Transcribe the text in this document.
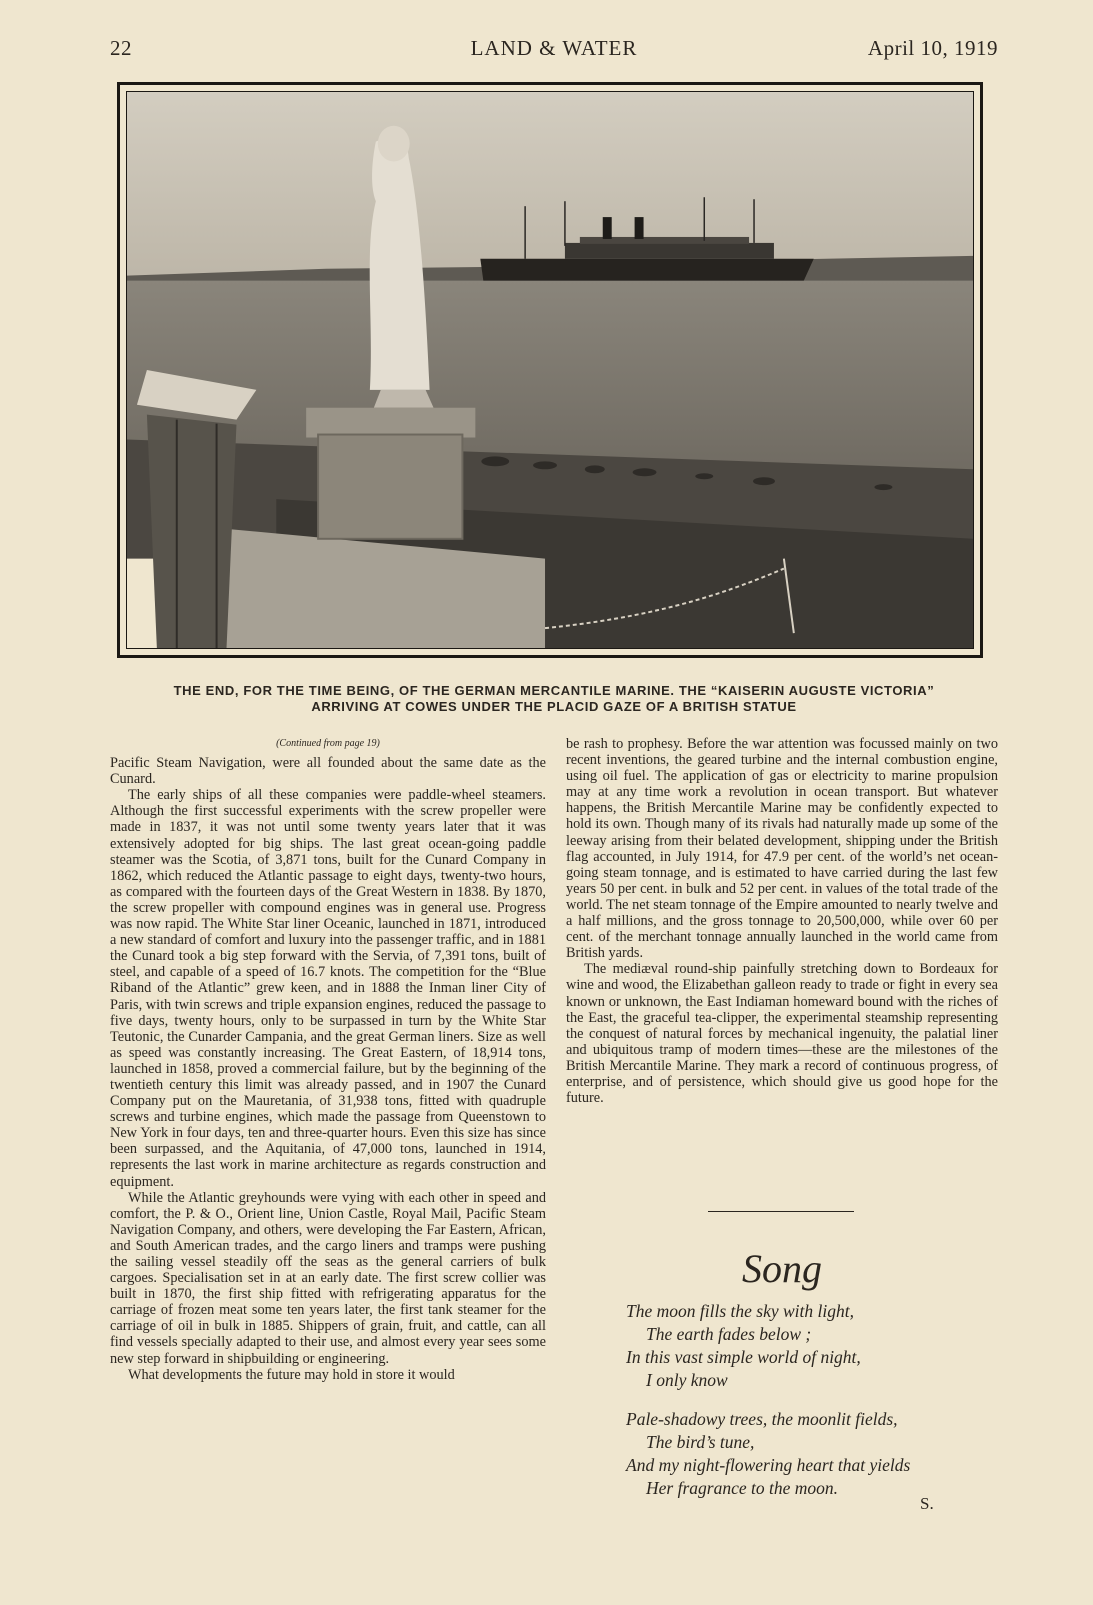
22	LAND & WATER	April 10, 1919
THE END, FOR THE TIME BEING, OF THE GERMAN MERCANTILE MARINE. THE “KAISERIN AUGUSTE VICTORIA”
ARRIVING AT COWES UNDER THE PLACID GAZE OF A BRITISH STATUE
(Continued from page 19)

Pacific Steam Navigation, were all founded about the same date as the Cunard.

The early ships of all these companies were paddle-wheel steamers. Although the first successful experiments with the screw propeller were made in 1837, it was not until some twenty years later that it was extensively adopted for big ships. The last great ocean-going paddle steamer was the Scotia, of 3,871 tons, built for the Cunard Company in 1862, which reduced the Atlantic passage to eight days, twenty-two hours, as compared with the fourteen days of the Great Western in 1838. By 1870, the screw propeller with compound engines was in general use. Progress was now rapid. The White Star liner Oceanic, launched in 1871, introduced a new standard of comfort and luxury into the passenger traffic, and in 1881 the Cunard took a big step forward with the Servia, of 7,391 tons, built of steel, and capable of a speed of 16.7 knots. The competition for the “Blue Riband of the Atlantic” grew keen, and in 1888 the Inman liner City of Paris, with twin screws and triple expansion engines, reduced the passage to five days, twenty hours, only to be surpassed in turn by the White Star Teutonic, the Cunarder Campania, and the great German liners. Size as well as speed was constantly increasing. The Great Eastern, of 18,914 tons, launched in 1858, proved a commercial failure, but by the beginning of the twentieth century this limit was already passed, and in 1907 the Cunard Company put on the Mauretania, of 31,938 tons, fitted with quadruple screws and turbine engines, which made the passage from Queenstown to New York in four days, ten and three-quarter hours. Even this size has since been surpassed, and the Aquitania, of 47,000 tons, launched in 1914, represents the last work in marine architecture as regards construction and equipment.

While the Atlantic greyhounds were vying with each other in speed and comfort, the P. & O., Orient line, Union Castle, Royal Mail, Pacific Steam Navigation Company, and others, were developing the Far Eastern, African, and South American trades, and the cargo liners and tramps were pushing the sailing vessel steadily off the seas as the general carriers of bulk cargoes. Specialisation set in at an early date. The first screw collier was built in 1870, the first ship fitted with refrigerating apparatus for the carriage of frozen meat some ten years later, the first tank steamer for the carriage of oil in bulk in 1885. Shippers of grain, fruit, and cattle, can all find vessels specially adapted to their use, and almost every year sees some new step forward in shipbuilding or engineering.

What developments the future may hold in store it would

be rash to prophesy. Before the war attention was focussed mainly on two recent inventions, the geared turbine and the internal combustion engine, using oil fuel. The application of gas or electricity to marine propulsion may at any time work a revolution in ocean transport. But whatever happens, the British Mercantile Marine may be confidently expected to hold its own. Though many of its rivals had naturally made up some of the leeway arising from their belated development, shipping under the British flag accounted, in July 1914, for 47.9 per cent. of the world’s net ocean-going steam tonnage, and is estimated to have carried during the last few years 50 per cent. in bulk and 52 per cent. in values of the total trade of the world. The net steam tonnage of the Empire amounted to nearly twelve and a half millions, and the gross tonnage to 20,500,000, while over 60 per cent. of the merchant tonnage annually launched in the world came from British yards.

The mediæval round-ship painfully stretching down to Bordeaux for wine and wood, the Elizabethan galleon ready to trade or fight in every sea known or unknown, the East Indiaman homeward bound with the riches of the East, the graceful tea-clipper, the experimental steamship representing the conquest of natural forces by mechanical ingenuity, the palatial liner and ubiquitous tramp of modern times—these are the milestones of the British Mercantile Marine. They mark a record of continuous progress, of enterprise, and of persistence, which should give us good hope for the future.

Song
The moon fills the sky with light,
The earth fades below ;
In this vast simple world of night,
I only know
Pale-shadowy trees, the moonlit fields,
The bird’s tune,
And my night-flowering heart that yields
Her fragrance to the moon.
S.
